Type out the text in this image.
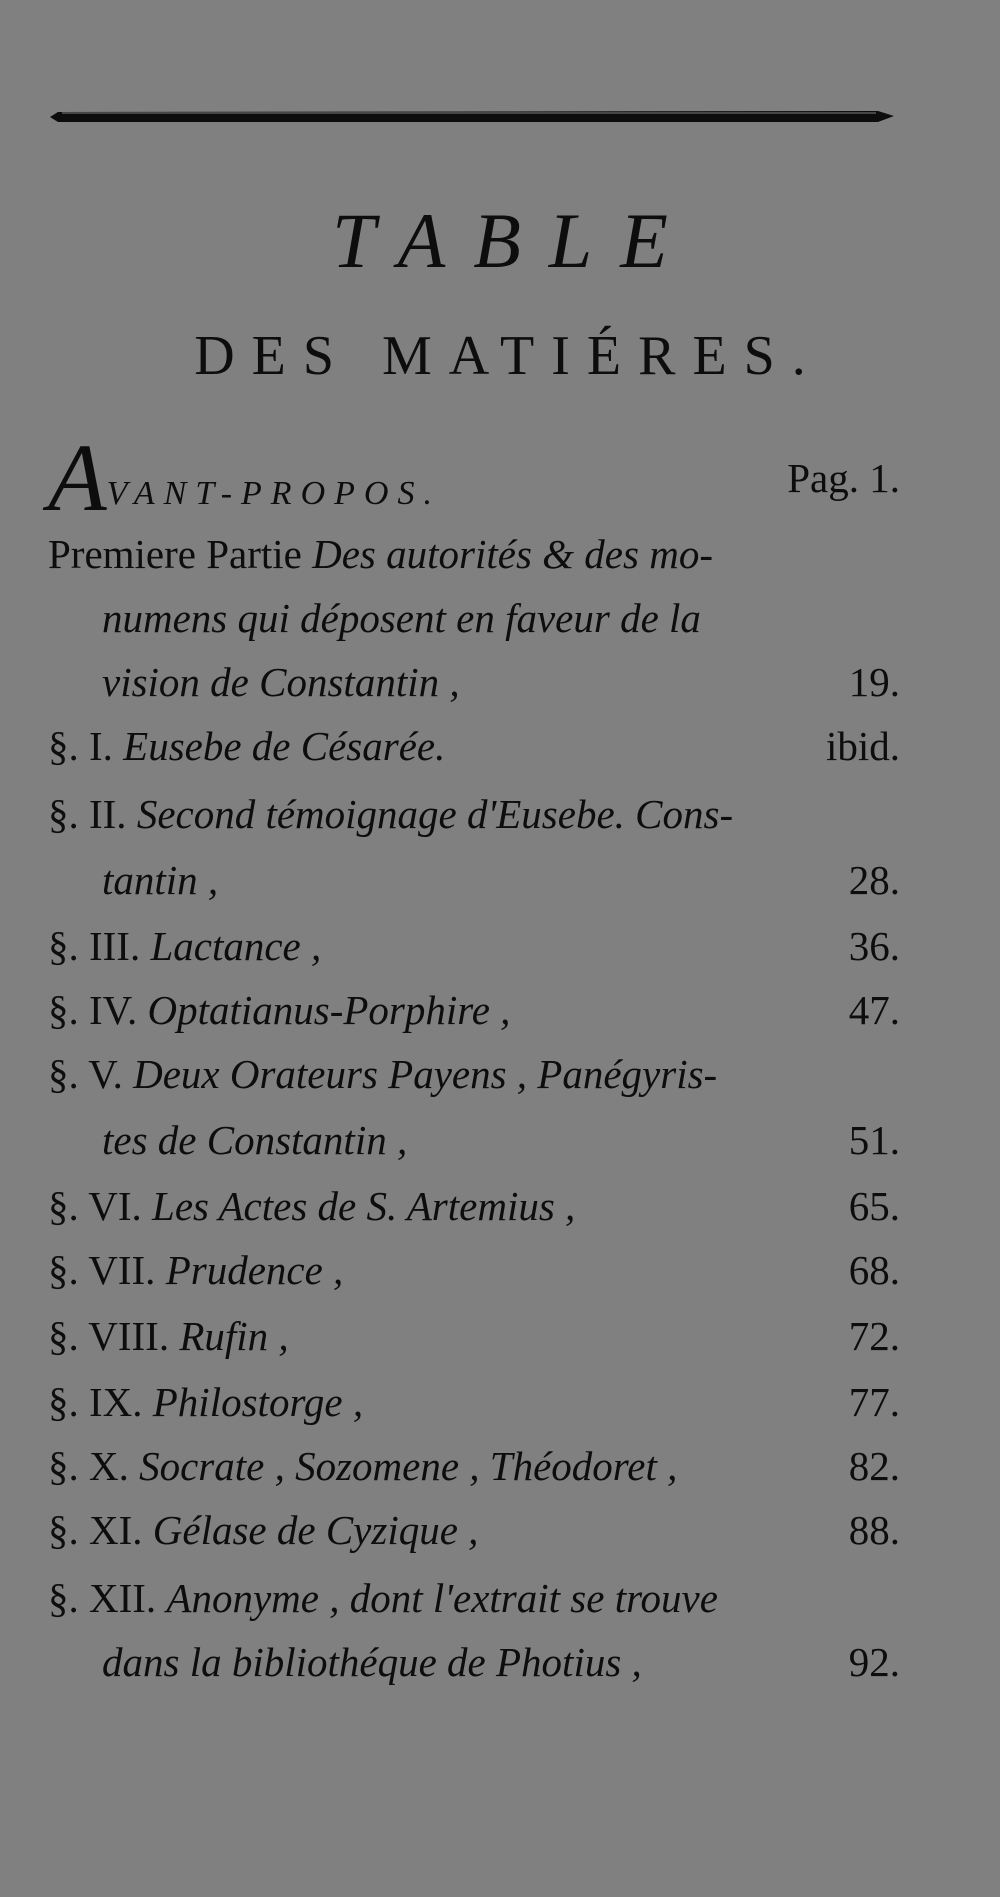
TABLE
DES MATIÉRES.
AVANT-PROPOS.	Pag. 1.
Premiere Partie Des autorités & des mo-
numens qui déposent en faveur de la
vision de Constantin ,	19.
§. I. Eusebe de Césarée.	ibid.
§. II. Second témoignage d'Eusebe. Cons-
tantin ,	28.
§. III. Lactance ,	36.
§. IV. Optatianus-Porphire ,	47.
§. V. Deux Orateurs Payens , Panégyris-
tes de Constantin ,	51.
§. VI. Les Actes de S. Artemius ,	65.
§. VII. Prudence ,	68.
§. VIII. Rufin ,	72.
§. IX. Philostorge ,	77.
§. X. Socrate , Sozomene , Théodoret ,	82.
§. XI. Gélase de Cyzique ,	88.
§. XII. Anonyme , dont l'extrait se trouve
dans la bibliothéque de Photius ,	92.
